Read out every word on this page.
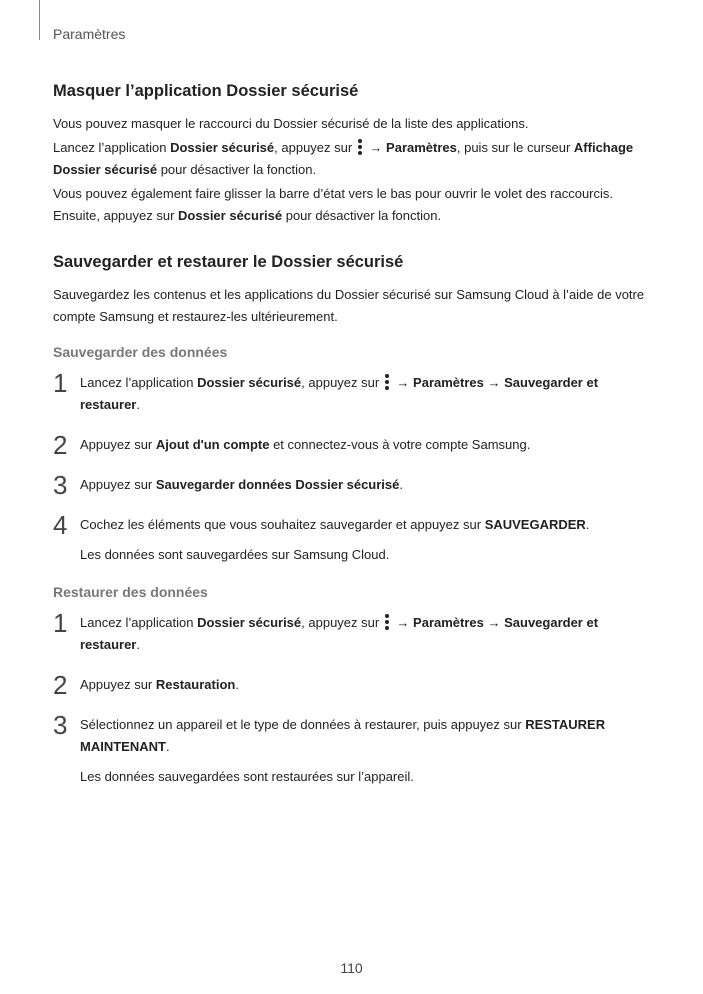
Paramètres
Masquer l’application Dossier sécurisé

Vous pouvez masquer le raccourci du Dossier sécurisé de la liste des applications.

Lancez l’application Dossier sécurisé, appuyez sur  → Paramètres, puis sur le curseur Affichage Dossier sécurisé pour désactiver la fonction.

Vous pouvez également faire glisser la barre d’état vers le bas pour ouvrir le volet des raccourcis. Ensuite, appuyez sur Dossier sécurisé pour désactiver la fonction.

Sauvegarder et restaurer le Dossier sécurisé

Sauvegardez les contenus et les applications du Dossier sécurisé sur Samsung Cloud à l’aide de votre compte Samsung et restaurez-les ultérieurement.

Sauvegarder des données
1 Lancez l’application Dossier sécurisé, appuyez sur  → Paramètres → Sauvegarder et restaurer.
2 Appuyez sur Ajout d'un compte et connectez-vous à votre compte Samsung.
3 Appuyez sur Sauvegarder données Dossier sécurisé.
4 Cochez les éléments que vous souhaitez sauvegarder et appuyez sur SAUVEGARDER.
Les données sont sauvegardées sur Samsung Cloud.
Restaurer des données
1 Lancez l’application Dossier sécurisé, appuyez sur  → Paramètres → Sauvegarder et restaurer.
2 Appuyez sur Restauration.
3 Sélectionnez un appareil et le type de données à restaurer, puis appuyez sur RESTAURER MAINTENANT.
Les données sauvegardées sont restaurées sur l’appareil.
110
